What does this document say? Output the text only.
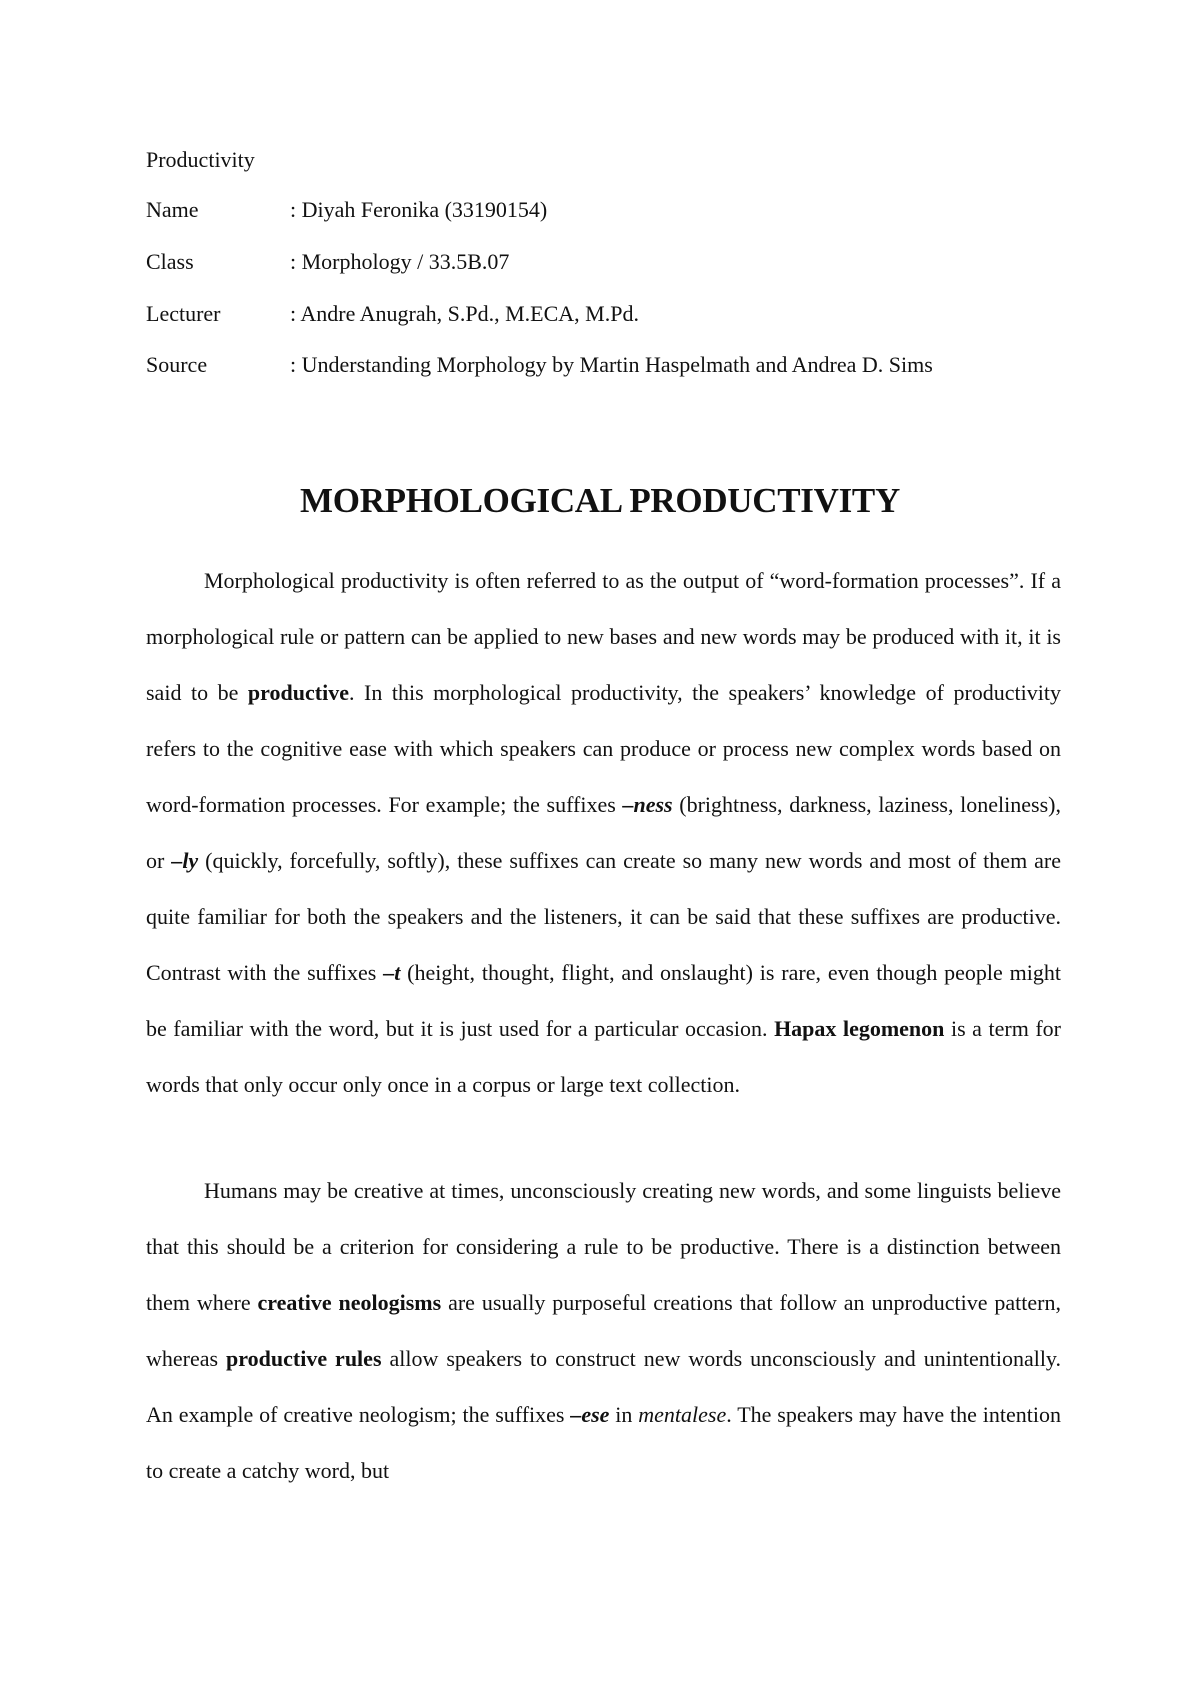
Productivity
Name	: Diyah Feronika (33190154)
Class	: Morphology / 33.5B.07
Lecturer	: Andre Anugrah, S.Pd., M.ECA, M.Pd.
Source	: Understanding Morphology by Martin Haspelmath and Andrea D. Sims
MORPHOLOGICAL PRODUCTIVITY

Morphological productivity is often referred to as the output of “word-formation processes”. If a morphological rule or pattern can be applied to new bases and new words may be produced with it, it is said to be productive. In this morphological productivity, the speakers’ knowledge of productivity refers to the cognitive ease with which speakers can produce or process new complex words based on word-formation processes. For example; the suffixes –ness (brightness, darkness, laziness, loneliness), or –ly (quickly, forcefully, softly), these suffixes can create so many new words and most of them are quite familiar for both the speakers and the listeners, it can be said that these suffixes are productive. Contrast with the suffixes –t (height, thought, flight, and onslaught) is rare, even though people might be familiar with the word, but it is just used for a particular occasion. Hapax legomenon is a term for words that only occur only once in a corpus or large text collection.

Humans may be creative at times, unconsciously creating new words, and some linguists believe that this should be a criterion for considering a rule to be productive. There is a distinction between them where creative neologisms are usually purposeful creations that follow an unproductive pattern, whereas productive rules allow speakers to construct new words unconsciously and unintentionally. An example of creative neologism; the suffixes –ese in mentalese. The speakers may have the intention to create a catchy word, but
